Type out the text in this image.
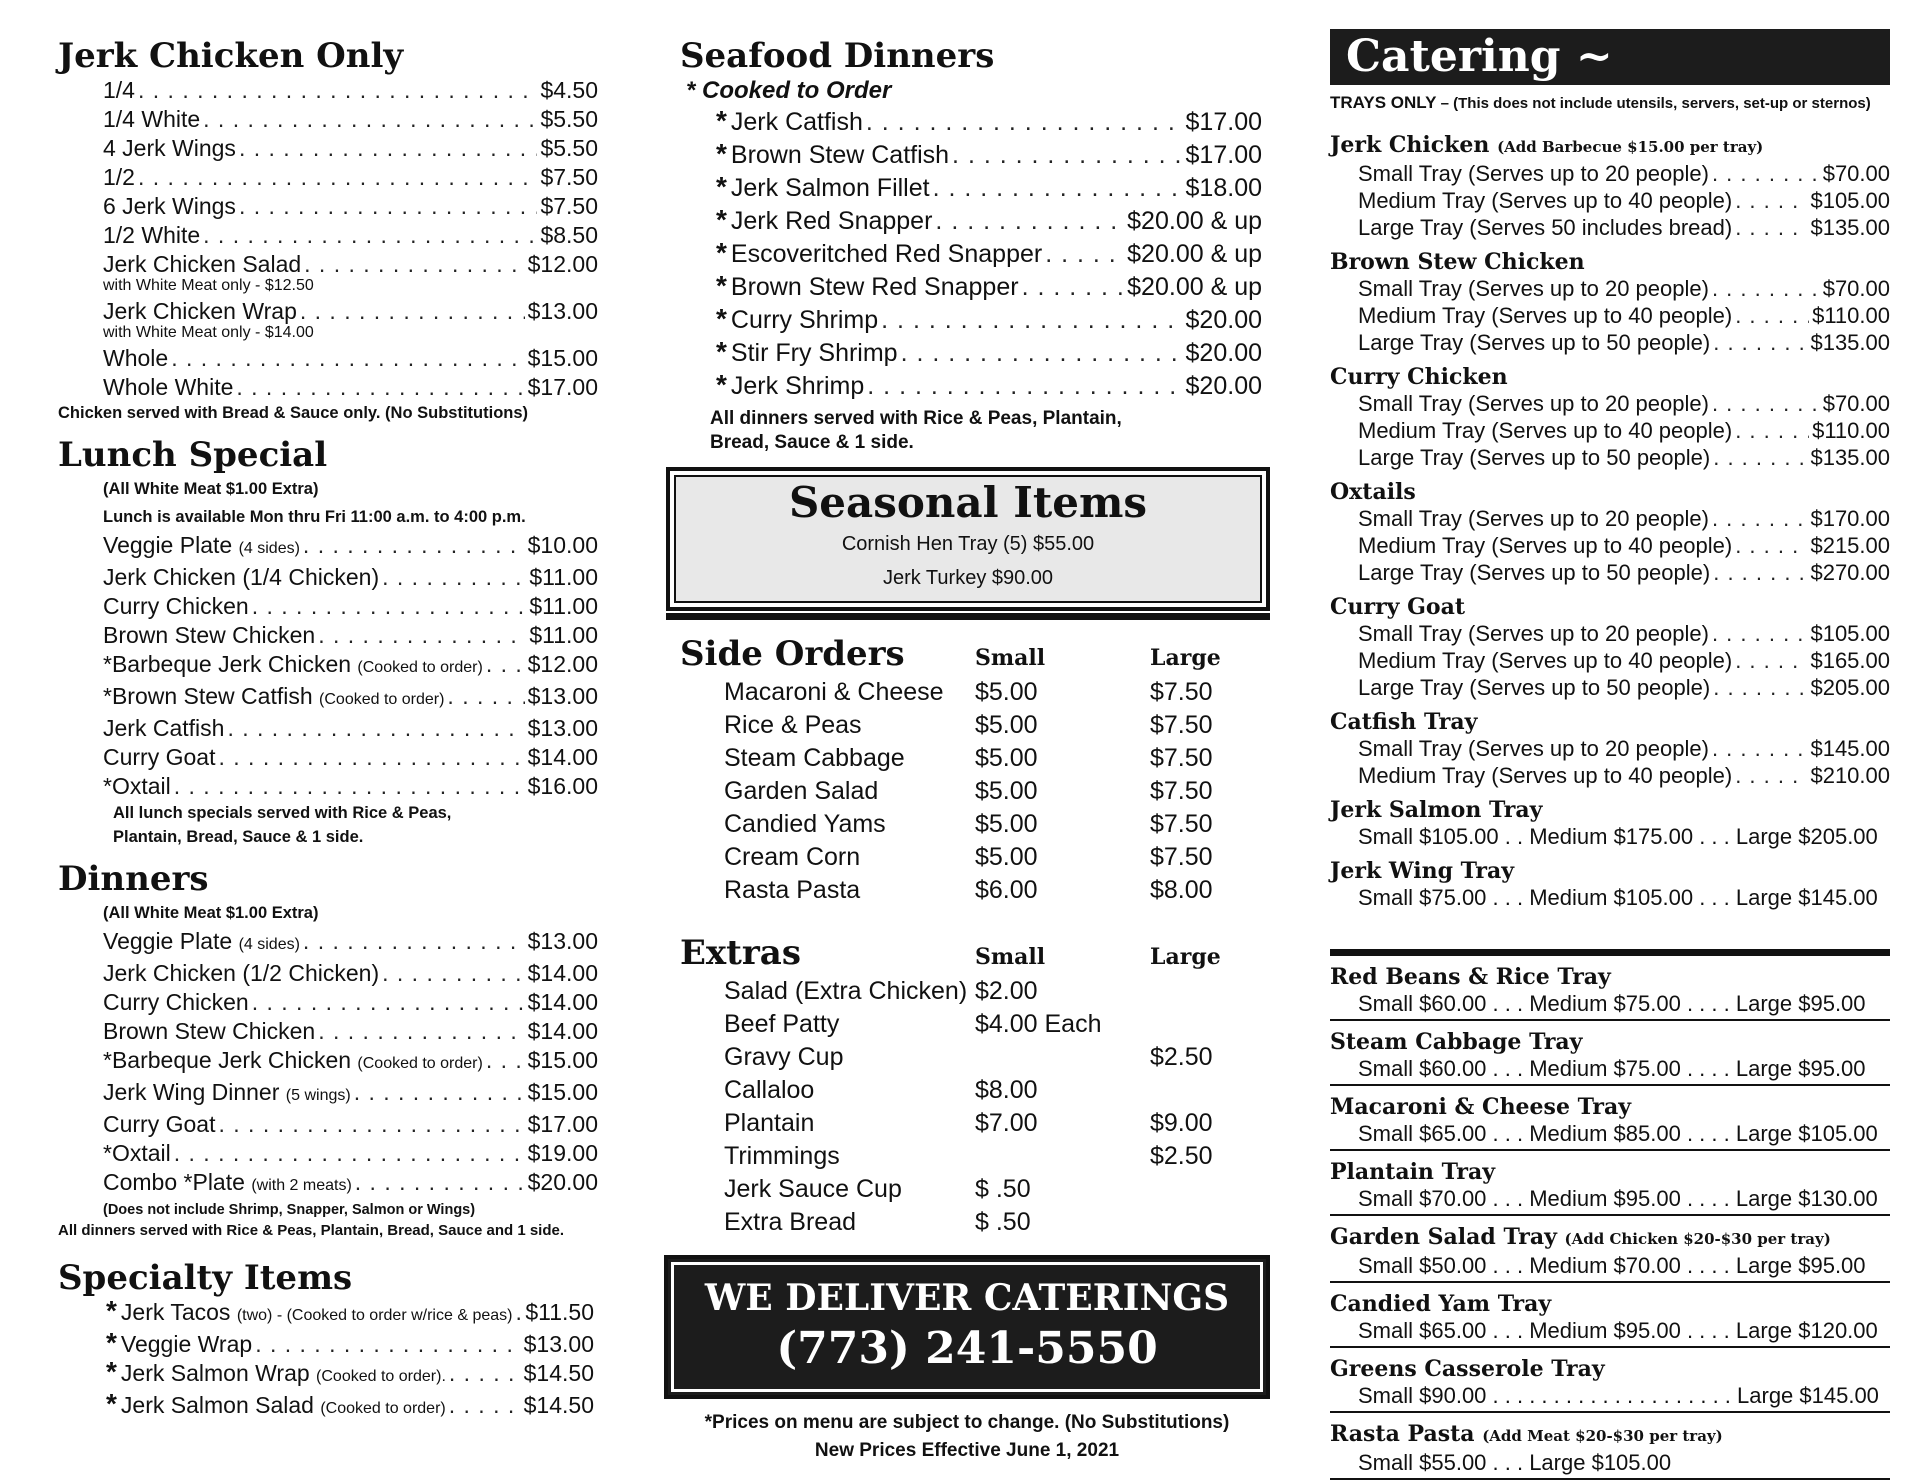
Jerk Chicken Only
1/4 . . .	$4.50
1/4 White . . .	$5.50
4 Jerk Wings . . .	$5.50
1/2 . . .	$7.50
6 Jerk Wings . . .	$7.50
1/2 White . . .	$8.50
Jerk Chicken Salad . . .	$12.00
with White Meat only - $12.50
Jerk Chicken Wrap . . .	$13.00
with White Meat only - $14.00
Whole . . .	$15.00
Whole White . . .	$17.00
Chicken served with Bread & Sauce only. (No Substitutions)
Lunch Special
(All White Meat $1.00 Extra)
Lunch is available Mon thru Fri 11:00 a.m. to 4:00 p.m.
Veggie Plate (4 sides) . . .	$10.00
Jerk Chicken (1/4 Chicken) . . .	$11.00
Curry Chicken . . .	$11.00
Brown Stew Chicken . . .	$11.00
*Barbeque Jerk Chicken (Cooked to order) . . . $12.00
*Brown Stew Catfish (Cooked to order) . . .	$13.00
Jerk Catfish . . .	$13.00
Curry Goat . . .	$14.00
*Oxtail . . .	$16.00
All lunch specials served with Rice & Peas,
Plantain, Bread, Sauce & 1 side.
Dinners
(All White Meat $1.00 Extra)
Veggie Plate (4 sides) . . .	$13.00
Jerk Chicken (1/2 Chicken) . . .	$14.00
Curry Chicken . . .	$14.00
Brown Stew Chicken . . .	$14.00
*Barbeque Jerk Chicken (Cooked to order) . . . $15.00
Jerk Wing Dinner (5 wings) . . .	$15.00
Curry Goat . . .	$17.00
*Oxtail . . .	$19.00
Combo *Plate (with 2 meats) . . .	$20.00
(Does not include Shrimp, Snapper, Salmon or Wings)
All dinners served with Rice & Peas, Plantain, Bread, Sauce and 1 side.
Specialty Items
* Jerk Tacos (two) - (Cooked to order w/rice & peas) . . . $11.50
* Veggie Wrap . . .	$13.00
* Jerk Salmon Wrap (Cooked to order). . . .	$14.50
* Jerk Salmon Salad (Cooked to order) . . .	$14.50
Seafood Dinners
* Cooked to Order
* Jerk Catfish . . .	$17.00
* Brown Stew Catfish . . .	$17.00
* Jerk Salmon Fillet . . .	$18.00
* Jerk Red Snapper . . .	$20.00 & up
* Escoveritched Red Snapper . . .	$20.00 & up
* Brown Stew Red Snapper . . .	$20.00 & up
* Curry Shrimp . . .	$20.00
* Stir Fry Shrimp . . .	$20.00
* Jerk Shrimp . . .	$20.00
All dinners served with Rice & Peas, Plantain,
Bread, Sauce & 1 side.
Seasonal Items
Cornish Hen Tray (5) $55.00
Jerk Turkey $90.00
Side Orders	Small	Large
Macaroni & Cheese	$5.00	$7.50
Rice & Peas	$5.00	$7.50
Steam Cabbage	$5.00	$7.50
Garden Salad	$5.00	$7.50
Candied Yams	$5.00	$7.50
Cream Corn	$5.00	$7.50
Rasta Pasta	$6.00	$8.00
Extras	Small	Large
Salad (Extra Chicken)	$2.00	
Beef Patty	$4.00 Each	
Gravy Cup		$2.50
Callaloo	$8.00	
Plantain	$7.00	$9.00
Trimmings		$2.50
Jerk Sauce Cup	$ .50	
Extra Bread	$ .50	
WE DELIVER CATERINGS
(773) 241-5550
*Prices on menu are subject to change. (No Substitutions)
New Prices Effective June 1, 2021
Catering ~
TRAYS ONLY – (This does not include utensils, servers, set-up or sternos)
Jerk Chicken (Add Barbecue $15.00 per tray)
Small Tray (Serves up to 20 people) . . .	$70.00
Medium Tray (Serves up to 40 people) . . .	$105.00
Large Tray (Serves 50 includes bread) . . .	$135.00
Brown Stew Chicken
Small Tray (Serves up to 20 people) . . .	$70.00
Medium Tray (Serves up to 40 people) . . .	$110.00
Large Tray (Serves up to 50 people) . . .	$135.00
Curry Chicken
Small Tray (Serves up to 20 people) . . .	$70.00
Medium Tray (Serves up to 40 people) . . .	$110.00
Large Tray (Serves up to 50 people) . . .	$135.00
Oxtails
Small Tray (Serves up to 20 people) . . .	$170.00
Medium Tray (Serves up to 40 people) . . .	$215.00
Large Tray (Serves up to 50 people) . . .	$270.00
Curry Goat
Small Tray (Serves up to 20 people) . . .	$105.00
Medium Tray (Serves up to 40 people) . . .	$165.00
Large Tray (Serves up to 50 people) . . .	$205.00
Catfish Tray
Small Tray (Serves up to 20 people) . . .	$145.00
Medium Tray (Serves up to 40 people) . . .	$210.00
Jerk Salmon Tray
Small $105.00 . . Medium $175.00 . . . Large $205.00
Jerk Wing Tray
Small $75.00 . . . Medium $105.00 . . . Large $145.00
Red Beans & Rice Tray
Small $60.00 . . . Medium $75.00 . . . . Large $95.00
Steam Cabbage Tray
Small $60.00 . . . Medium $75.00 . . . . Large $95.00
Macaroni & Cheese Tray
Small $65.00 . . . Medium $85.00 . . . . Large $105.00
Plantain Tray
Small $70.00 . . . Medium $95.00 . . . . Large $130.00
Garden Salad Tray (Add Chicken $20-$30 per tray)
Small $50.00 . . . Medium $70.00 . . . . Large $95.00
Candied Yam Tray
Small $65.00 . . . Medium $95.00 . . . . Large $120.00
Greens Casserole Tray
Small $90.00 . . . . . . . . . . . . . . . . . . . . Large $145.00
Rasta Pasta (Add Meat $20-$30 per tray)
Small $55.00 . . . Large $105.00
